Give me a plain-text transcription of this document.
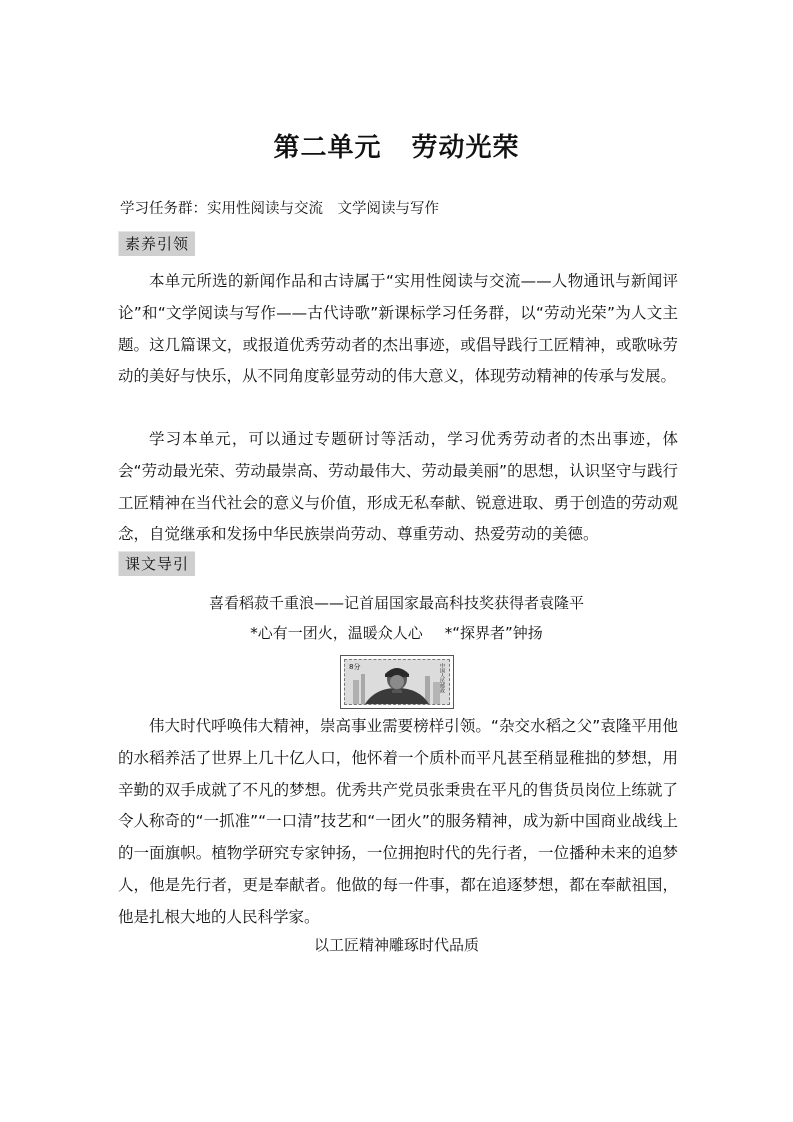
第二单元 劳动光荣
学习任务群：实用性阅读与交流　文学阅读与写作
素养引领

本单元所选的新闻作品和古诗属于“实用性阅读与交流——人物通讯与新闻评论”和“文学阅读与写作——古代诗歌”新课标学习任务群，以“劳动光荣”为人文主题。这几篇课文，或报道优秀劳动者的杰出事迹，或倡导践行工匠精神，或歌咏劳动的美好与快乐，从不同角度彰显劳动的伟大意义，体现劳动精神的传承与发展。

学习本单元，可以通过专题研讨等活动，学习优秀劳动者的杰出事迹，体会“劳动最光荣、劳动最崇高、劳动最伟大、劳动最美丽”的思想，认识坚守与践行工匠精神在当代社会的意义与价值，形成无私奉献、锐意进取、勇于创造的劳动观念，自觉继承和发扬中华民族崇尚劳动、尊重劳动、热爱劳动的美德。

课文导引
喜看稻菽千重浪——记首届国家最高科技奖获得者袁隆平
*心有一团火，温暖众人心 *“探界者”钟扬
8分	中国人民邮政

伟大时代呼唤伟大精神，崇高事业需要榜样引领。“杂交水稻之父”袁隆平用他的水稻养活了世界上几十亿人口，他怀着一个质朴而平凡甚至稍显稚拙的梦想，用辛勤的双手成就了不凡的梦想。优秀共产党员张秉贵在平凡的售货员岗位上练就了令人称奇的“一抓准”“一口清”技艺和“一团火”的服务精神，成为新中国商业战线上的一面旗帜。植物学研究专家钟扬，一位拥抱时代的先行者，一位播种未来的追梦人，他是先行者，更是奉献者。他做的每一件事，都在追逐梦想，都在奉献祖国，他是扎根大地的人民科学家。

以工匠精神雕琢时代品质
